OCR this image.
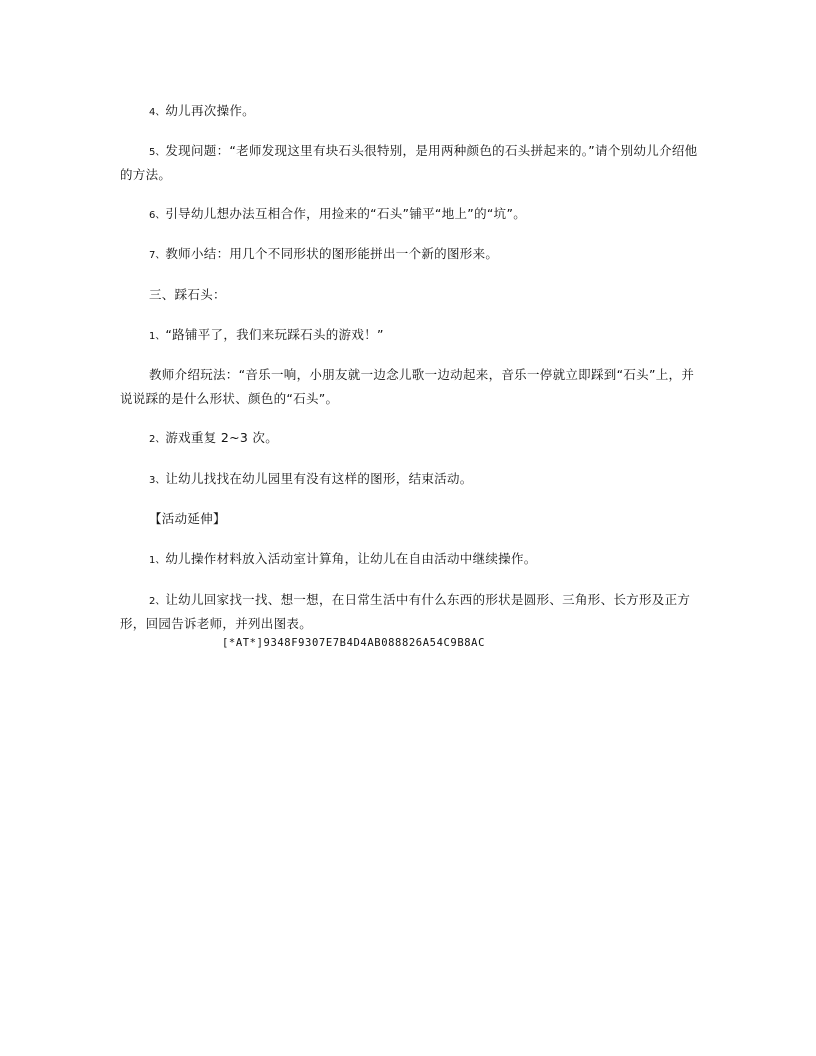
4、幼儿再次操作。

5、发现问题：“老师发现这里有块石头很特别，是用两种颜色的石头拼起来的。”请个别幼儿介绍他的方法。

6、引导幼儿想办法互相合作，用捡来的“石头”铺平“地上”的“坑”。

7、教师小结：用几个不同形状的图形能拼出一个新的图形来。

三、踩石头：

1、“路铺平了，我们来玩踩石头的游戏！”

教师介绍玩法：“音乐一响，小朋友就一边念儿歌一边动起来，音乐一停就立即踩到“石头”上，并说说踩的是什么形状、颜色的“石头”。

2、游戏重复 2~3 次。

3、让幼儿找找在幼儿园里有没有这样的图形，结束活动。

【活动延伸】

1、幼儿操作材料放入活动室计算角，让幼儿在自由活动中继续操作。

2、让幼儿回家找一找、想一想，在日常生活中有什么东西的形状是圆形、三角形、长方形及正方形，回园告诉老师，并列出图表。

[*AT*]9348F9307E7B4D4AB088826A54C9B8AC
